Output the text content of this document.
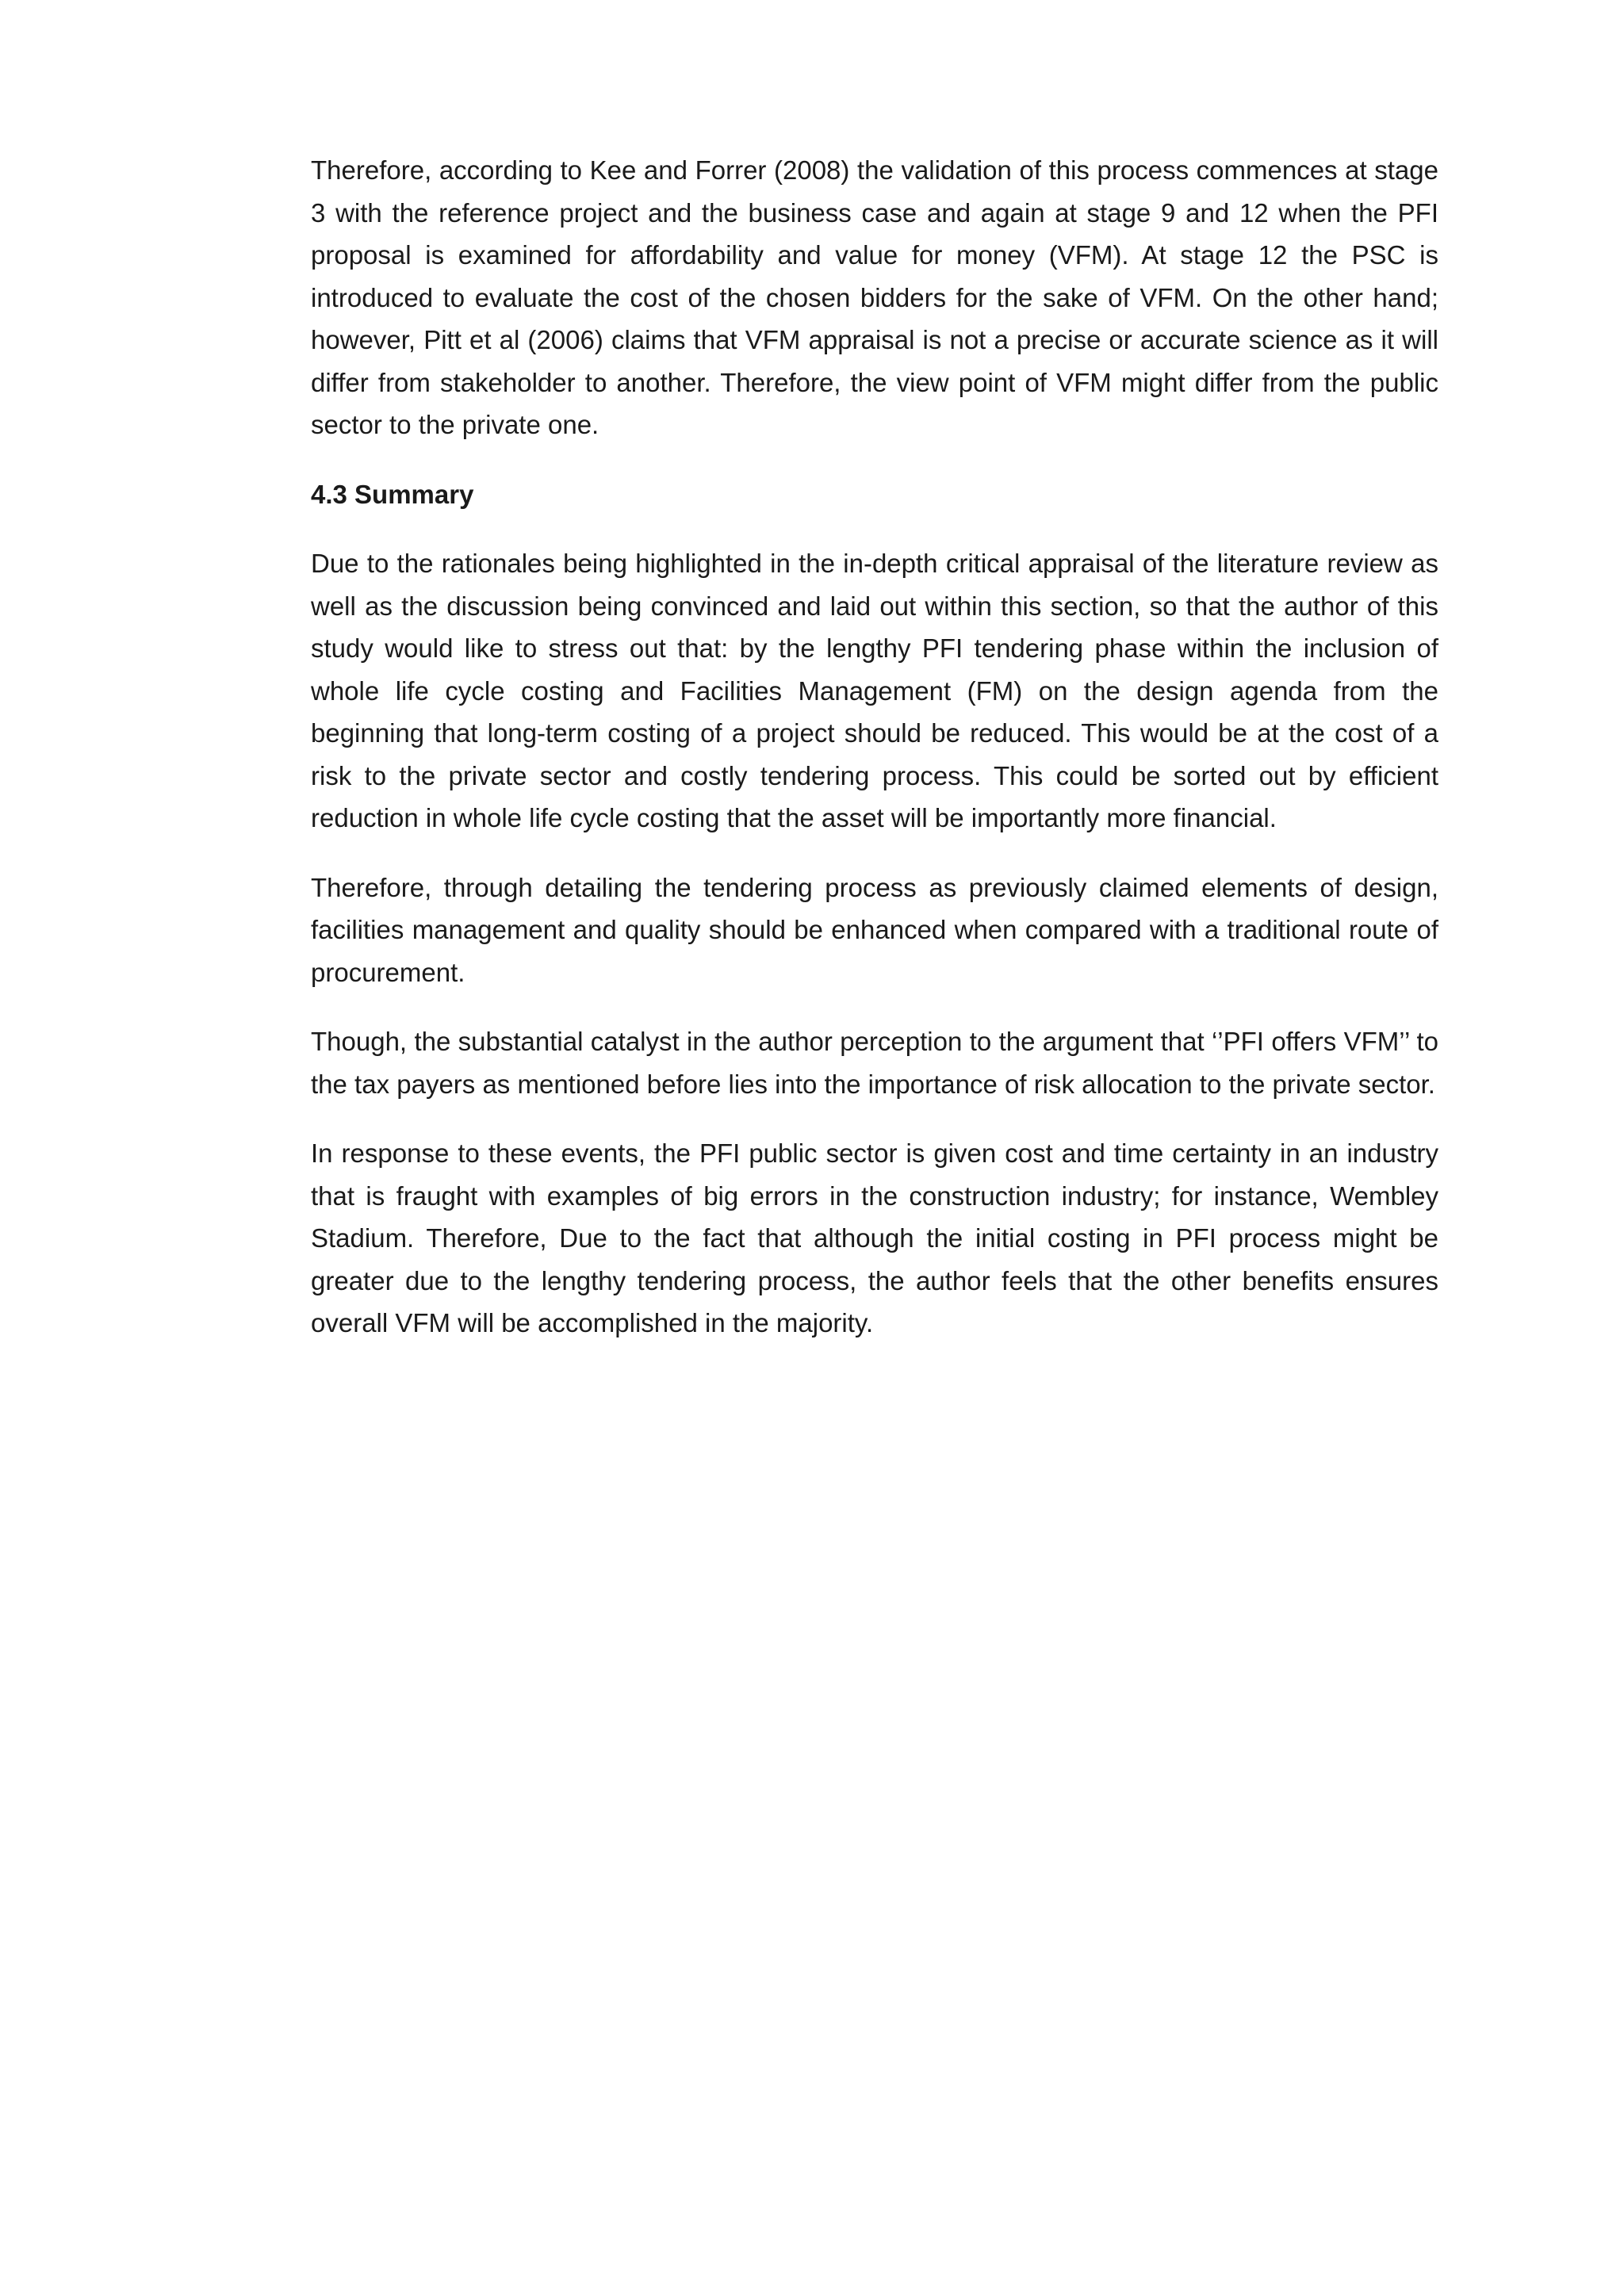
Therefore, according to Kee and Forrer (2008) the validation of this process commences at stage 3 with the reference project and the business case and again at stage 9 and 12 when the PFI proposal is examined for affordability and value for money (VFM). At stage 12 the PSC is introduced to evaluate the cost of the chosen bidders for the sake of VFM. On the other hand; however, Pitt et al (2006) claims that VFM appraisal is not a precise or accurate science as it will differ from stakeholder to another. Therefore, the view point of VFM might differ from the public sector to the private one.

4.3 Summary

Due to the rationales being highlighted in the in-depth critical appraisal of the literature review as well as the discussion being convinced and laid out within this section, so that the author of this study would like to stress out that: by the lengthy PFI tendering phase within the inclusion of whole life cycle costing and Facilities Management (FM) on the design agenda from the beginning that long-term costing of a project should be reduced. This would be at the cost of a risk to the private sector and costly tendering process. This could be sorted out by efficient reduction in whole life cycle costing that the asset will be importantly more financial.

Therefore, through detailing the tendering process as previously claimed elements of design, facilities management and quality should be enhanced when compared with a traditional route of procurement.

Though, the substantial catalyst in the author perception to the argument that ‘’PFI offers VFM’’ to the tax payers as mentioned before lies into the importance of risk allocation to the private sector.

In response to these events, the PFI public sector is given cost and time certainty in an industry that is fraught with examples of big errors in the construction industry; for instance, Wembley Stadium. Therefore, Due to the fact that although the initial costing in PFI process might be greater due to the lengthy tendering process, the author feels that the other benefits ensures overall VFM will be accomplished in the majority.
